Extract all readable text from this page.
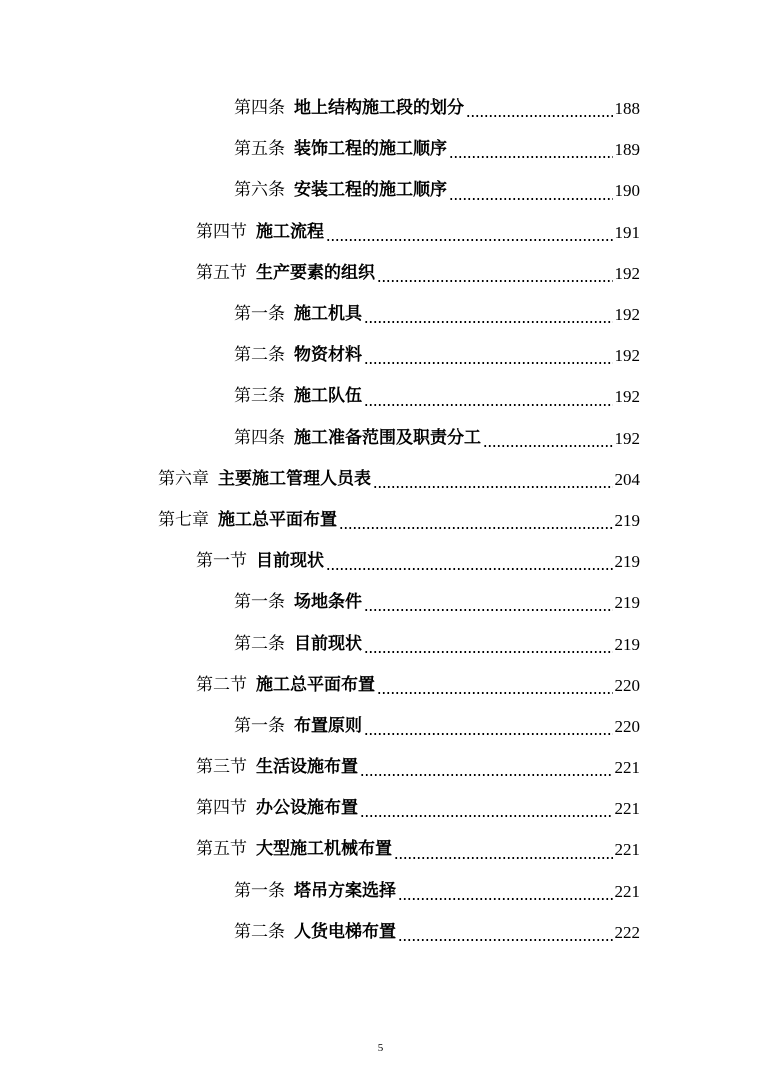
第四条 地上结构施工段的划分	188
第五条 装饰工程的施工顺序	189
第六条 安装工程的施工顺序	190
第四节 施工流程	191
第五节 生产要素的组织	192
第一条 施工机具	192
第二条 物资材料	192
第三条 施工队伍	192
第四条 施工准备范围及职责分工	192
第六章 主要施工管理人员表	204
第七章 施工总平面布置	219
第一节 目前现状	219
第一条 场地条件	219
第二条 目前现状	219
第二节 施工总平面布置	220
第一条 布置原则	220
第三节 生活设施布置	221
第四节 办公设施布置	221
第五节 大型施工机械布置	221
第一条 塔吊方案选择	221
第二条 人货电梯布置	222
5
